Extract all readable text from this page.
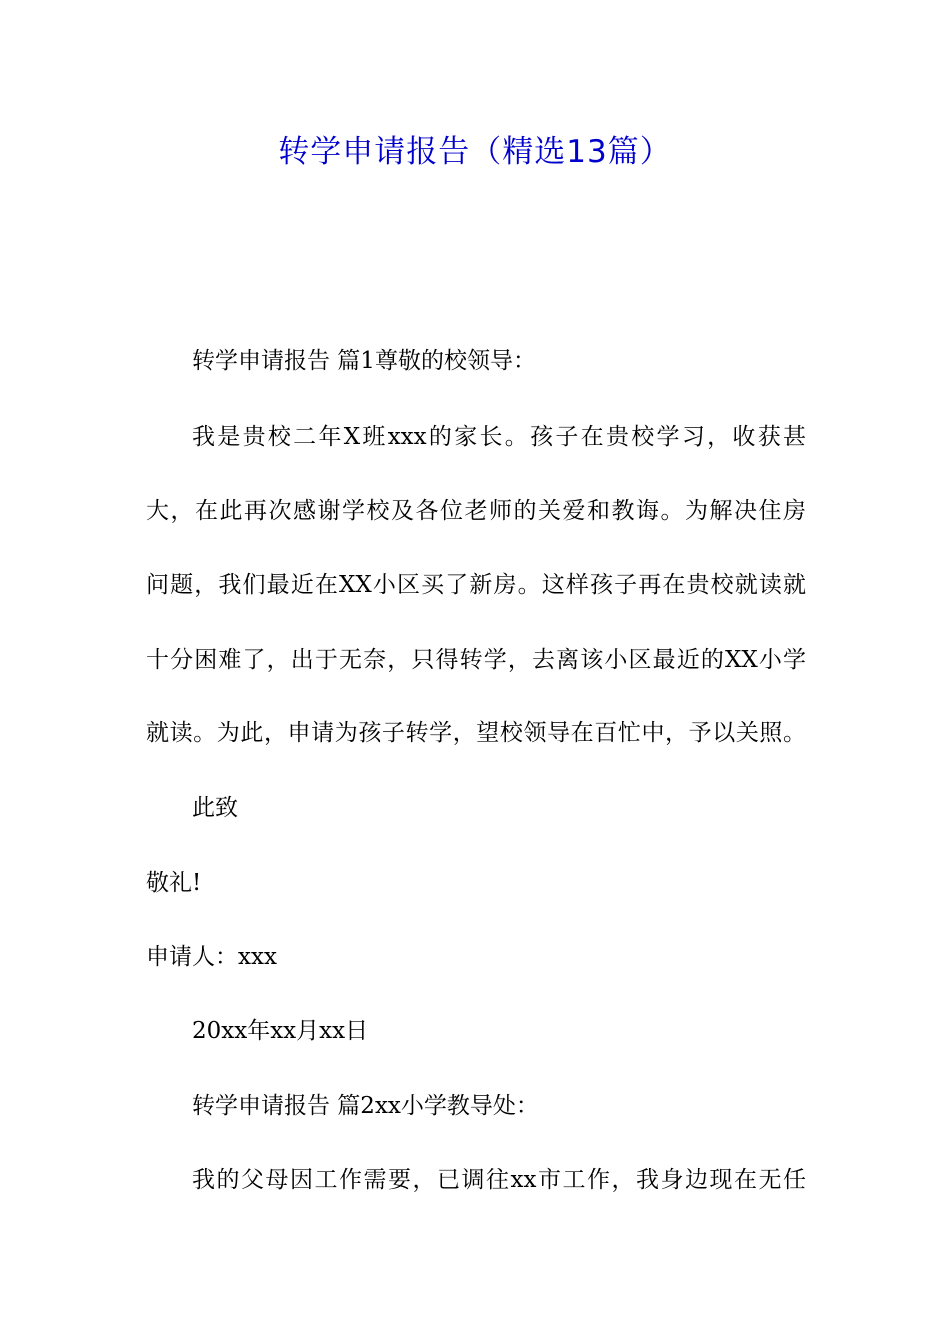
转学申请报告（精选13篇）

转学申请报告 篇1尊敬的校领导：

我是贵校二年X班xxx的家长。孩子在贵校学习，收获甚

大，在此再次感谢学校及各位老师的关爱和教诲。为解决住房

问题，我们最近在XX小区买了新房。这样孩子再在贵校就读就

十分困难了，出于无奈，只得转学，去离该小区最近的XX小学

就读。为此，申请为孩子转学，望校领导在百忙中，予以关照。

此致

敬礼!

申请人：xxx

20xx年xx月xx日

转学申请报告 篇2xx小学教导处：

我的父母因工作需要，已调往xx市工作，我身边现在无任
